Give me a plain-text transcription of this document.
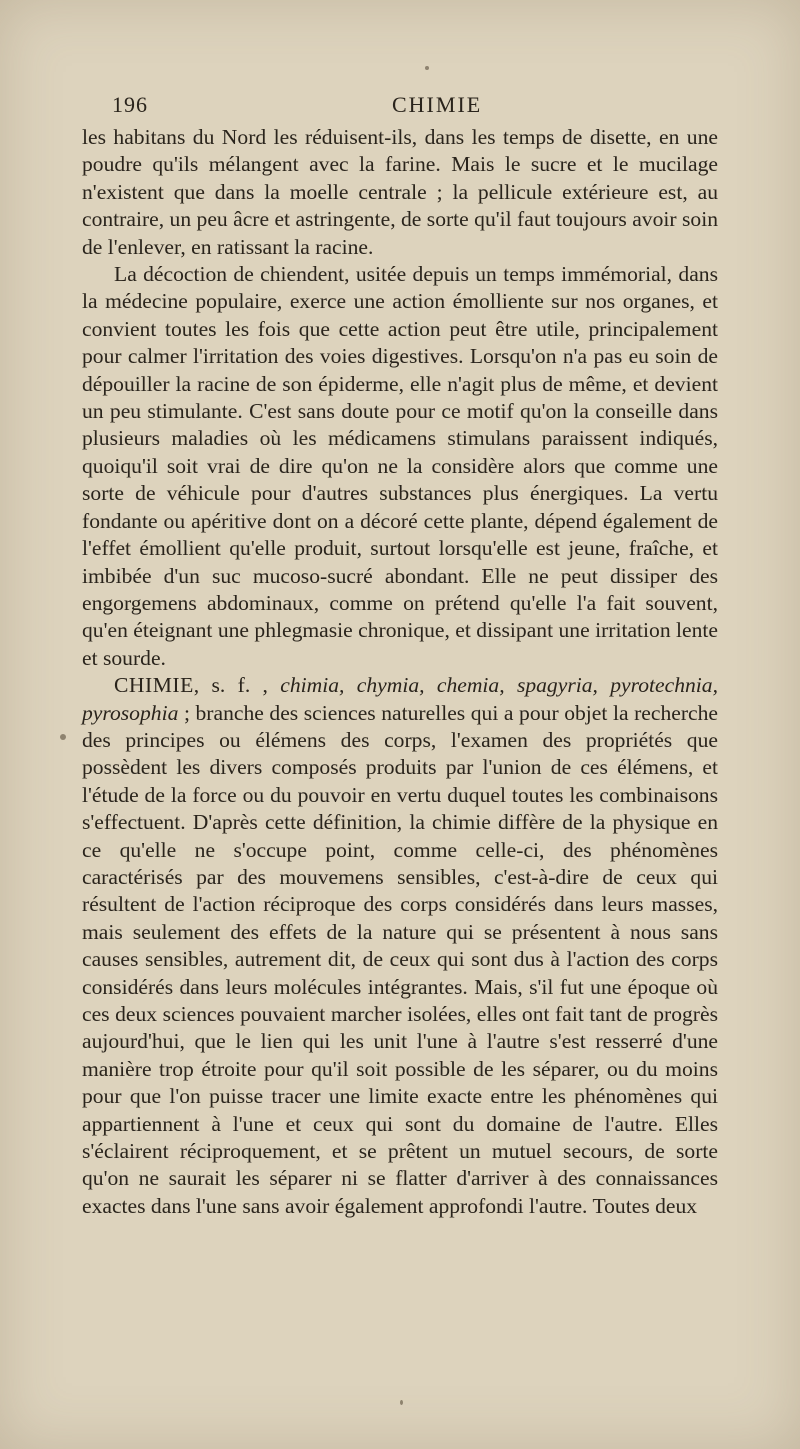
196	CHIMIE

les habitans du Nord les réduisent-ils, dans les temps de disette, en une poudre qu'ils mélangent avec la farine. Mais le sucre et le mucilage n'existent que dans la moelle centrale ; la pellicule extérieure est, au contraire, un peu âcre et astringente, de sorte qu'il faut toujours avoir soin de l'enlever, en ratissant la racine.

La décoction de chiendent, usitée depuis un temps immémorial, dans la médecine populaire, exerce une action émolliente sur nos organes, et convient toutes les fois que cette action peut être utile, principalement pour calmer l'irritation des voies digestives. Lorsqu'on n'a pas eu soin de dépouiller la racine de son épiderme, elle n'agit plus de même, et devient un peu stimulante. C'est sans doute pour ce motif qu'on la conseille dans plusieurs maladies où les médicamens stimulans paraissent indiqués, quoiqu'il soit vrai de dire qu'on ne la considère alors que comme une sorte de véhicule pour d'autres substances plus énergiques. La vertu fondante ou apéritive dont on a décoré cette plante, dépend également de l'effet émollient qu'elle produit, surtout lorsqu'elle est jeune, fraîche, et imbibée d'un suc mucoso-sucré abondant. Elle ne peut dissiper des engorgemens abdominaux, comme on prétend qu'elle l'a fait souvent, qu'en éteignant une phlegmasie chronique, et dissipant une irritation lente et sourde.

CHIMIE, s. f. , chimia, chymia, chemia, spagyria, pyrotechnia, pyrosophia ; branche des sciences naturelles qui a pour objet la recherche des principes ou élémens des corps, l'examen des propriétés que possèdent les divers composés produits par l'union de ces élémens, et l'étude de la force ou du pouvoir en vertu duquel toutes les combinaisons s'effectuent. D'après cette définition, la chimie diffère de la physique en ce qu'elle ne s'occupe point, comme celle-ci, des phénomènes caractérisés par des mouvemens sensibles, c'est-à-dire de ceux qui résultent de l'action réciproque des corps considérés dans leurs masses, mais seulement des effets de la nature qui se présentent à nous sans causes sensibles, autrement dit, de ceux qui sont dus à l'action des corps considérés dans leurs molécules intégrantes. Mais, s'il fut une époque où ces deux sciences pouvaient marcher isolées, elles ont fait tant de progrès aujourd'hui, que le lien qui les unit l'une à l'autre s'est resserré d'une manière trop étroite pour qu'il soit possible de les séparer, ou du moins pour que l'on puisse tracer une limite exacte entre les phénomènes qui appartiennent à l'une et ceux qui sont du domaine de l'autre. Elles s'éclairent réciproquement, et se prêtent un mutuel secours, de sorte qu'on ne saurait les séparer ni se flatter d'arriver à des connaissances exactes dans l'une sans avoir également approfondi l'autre. Toutes deux
